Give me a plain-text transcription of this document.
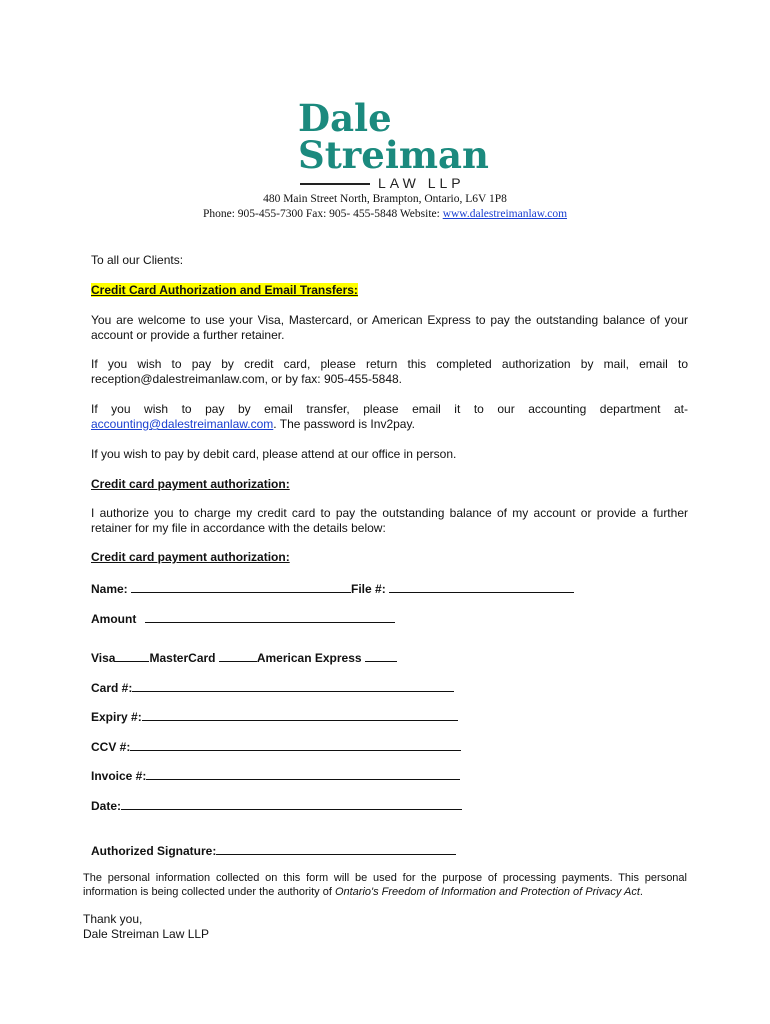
Dale
Streiman
LAW LLP
480 Main Street North, Brampton, Ontario, L6V 1P8
Phone: 905-455-7300 Fax: 905- 455-5848 Website: www.dalestreimanlaw.com
To all our Clients:
Credit Card Authorization and Email Transfers:
You are welcome to use your Visa, Mastercard, or American Express to pay the outstanding balance of your account or provide a further retainer.
If you wish to pay by credit card, please return this completed authorization by mail, email to reception@dalestreimanlaw.com, or by fax: 905-455-5848.
If you wish to pay by email transfer, please email it to our accounting department at-
accounting@dalestreimanlaw.com. The password is Inv2pay.
If you wish to pay by debit card, please attend at our office in person.
Credit card payment authorization:
I authorize you to charge my credit card to pay the outstanding balance of my account or provide a further retainer for my file in accordance with the details below:
Credit card payment authorization:
Name:	File #:
Amount
Visa	MasterCard	American Express
Card #:
Expiry #:
CCV #:
Invoice #:
Date:
Authorized Signature:
The personal information collected on this form will be used for the purpose of processing payments. This personal information is being collected under the authority of Ontario's Freedom of Information and Protection of Privacy Act.
Thank you,
Dale Streiman Law LLP
